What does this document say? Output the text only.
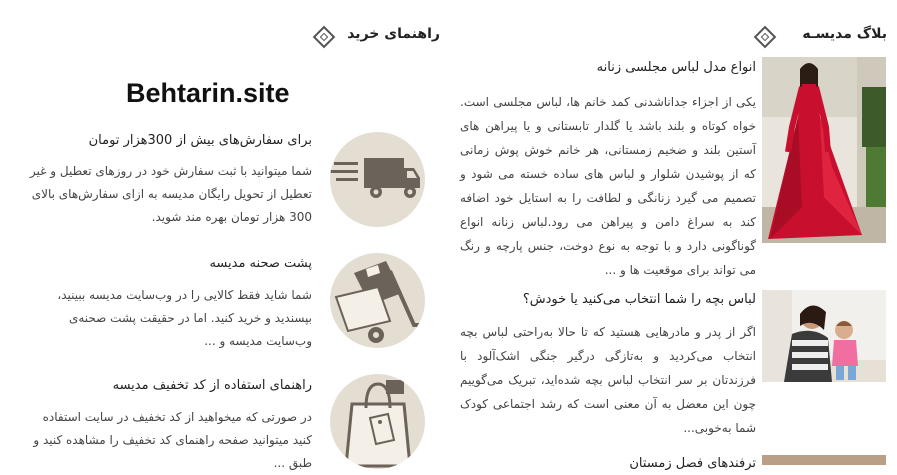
بلاگ مدیسـه
انواع مدل لباس مجلسی زنانه
یکی از اجزاء جداناشدنی کمد خانم ها، لباس مجلسی است. خواه کوتاه و بلند باشد یا گلدار تابستانی و یا پیراهن های آستین بلند و ضخیم زمستانی، هر خانم خوش پوش زمانی که از پوشیدن شلوار و لباس های ساده خسته می شود و تصمیم می گیرد زنانگی و لطافت را به استایل خود اضافه کند به سراغ دامن و پیراهن می رود.لباس زنانه انواع گوناگونی دارد و با توجه به نوع دوخت، جنس پارچه و رنگ می تواند برای موقعیت ها و ...
لباس بچه را شما انتخاب می‌کنید یا خودش؟
اگر از پدر و مادرهایی هستید که تا حالا به‌راحتی لباس بچه انتخاب می‌کردید و به‌تازگی درگیر جنگی اشک‌آلود با فرزندتان بر سر انتخاب لباس بچه شده‌اید، تبریک می‌گوییم چون این معضل به آن معنی است که رشد اجتماعی کودک شما به‌خوبی...
ترفندهای فصل زمستان
راهنمای خرید
Behtarin.site
برای سفارش‌های بیش از 300هزار تومان
شما میتوانید با ثبت سفارش خود در روزهای تعطیل و غیر تعطیل از تحویل رایگان مدیسه به ازای سفارش‌های بالای 300 هزار تومان بهره مند شوید.
پشت صحنه مدیسه
شما شاید فقط کالایی را در وب‌سایت مدیسه ببینید، بپسندید و خرید کنید. اما در حقیقت پشت صحنه‌ی وب‌سایت مدیسه و ...
راهنمای استفاده از کد تخفیف مدیسه
در صورتی که میخواهید از کد تخفیف در سایت استفاده کنید میتوانید صفحه راهنمای کد تخفیف را مشاهده کنید و طبق ...
